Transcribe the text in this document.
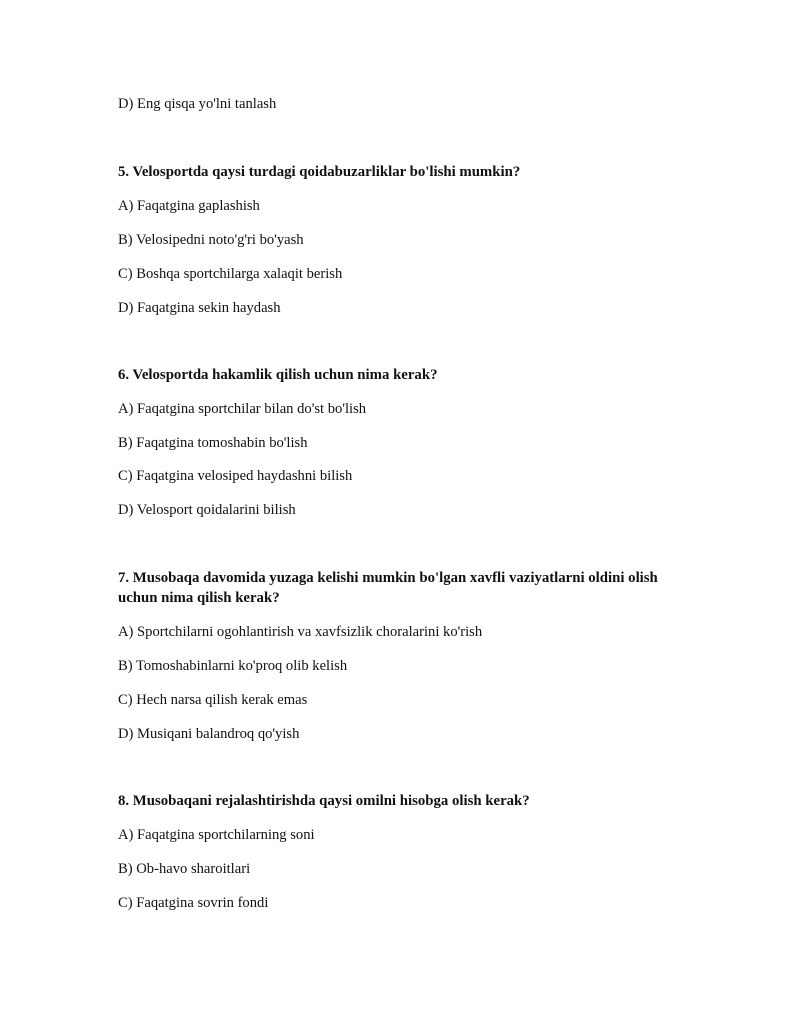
D) Eng qisqa yo'lni tanlash
5. Velosportda qaysi turdagi qoidabuzarliklar bo'lishi mumkin?
A) Faqatgina gaplashish
B) Velosipedni noto'g'ri bo'yash
C) Boshqa sportchilarga xalaqit berish
D) Faqatgina sekin haydash
6. Velosportda hakamlik qilish uchun nima kerak?
A) Faqatgina sportchilar bilan do'st bo'lish
B) Faqatgina tomoshabin bo'lish
C) Faqatgina velosiped haydashni bilish
D) Velosport qoidalarini bilish
7. Musobaqa davomida yuzaga kelishi mumkin bo'lgan xavfli vaziyatlarni oldini olish uchun nima qilish kerak?
A) Sportchilarni ogohlantirish va xavfsizlik choralarini ko'rish
B) Tomoshabinlarni ko'proq olib kelish
C) Hech narsa qilish kerak emas
D) Musiqani balandroq qo'yish
8. Musobaqani rejalashtirishda qaysi omilni hisobga olish kerak?
A) Faqatgina sportchilarning soni
B) Ob-havo sharoitlari
C) Faqatgina sovrin fondi
